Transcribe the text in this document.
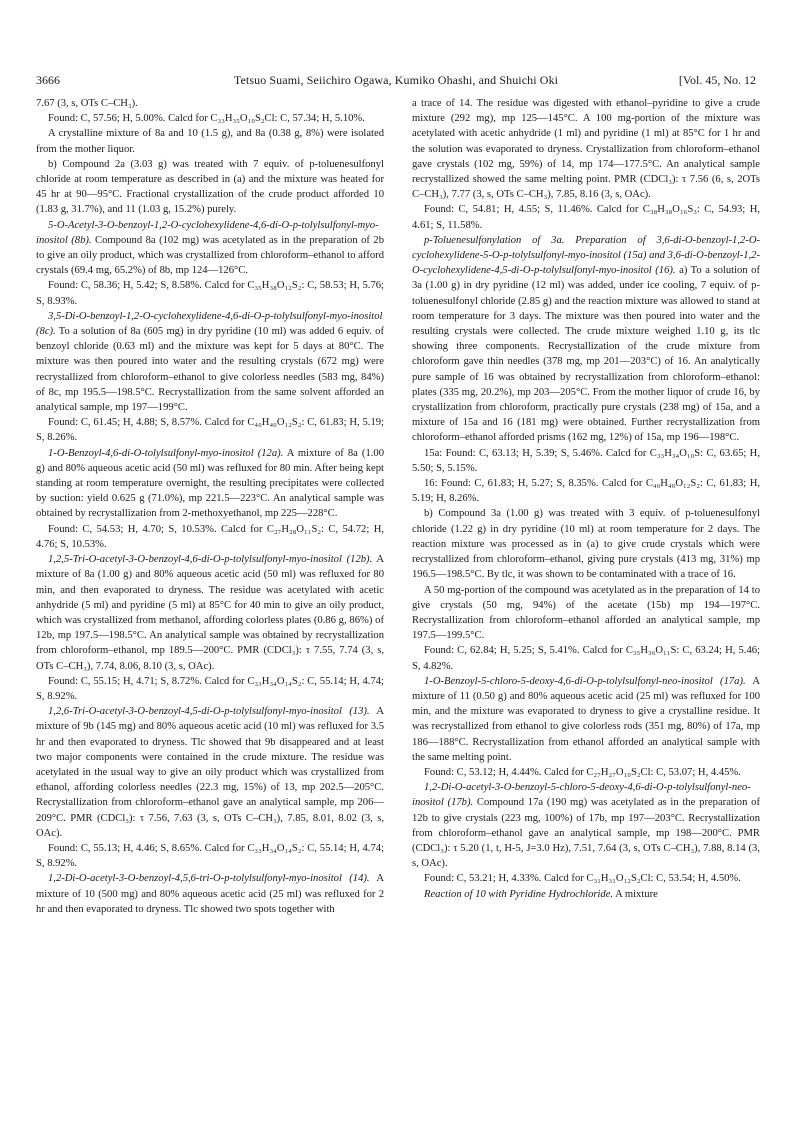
3666	Tetsuo Suami, Seiichiro Ogawa, Kumiko Ohashi, and Shuichi Oki	[Vol. 45, No. 12

7.67 (3, s, OTs C–CH₃).

Found: C, 57.56; H, 5.00%. Calcd for C₃₃H₃₅O₁₀S₂Cl: C, 57.34; H, 5.10%.

A crystalline mixture of 8a and 10 (1.5 g), and 8a (0.38 g, 8%) were isolated from the mother liquor.

b) Compound 2a (3.03 g) was treated with 7 equiv. of p-toluenesulfonyl chloride at room temperature as described in (a) and the mixture was heated for 45 hr at 90—95°C. Fractional crystallization of the crude product afforded 10 (1.83 g, 31.7%), and 11 (1.03 g, 15.2%) purely.

5-O-Acetyl-3-O-benzoyl-1,2-O-cyclohexylidene-4,6-di-O-p-tolylsulfonyl-myo-inositol (8b). Compound 8a (102 mg) was acetylated as in the preparation of 2b to give an oily product, which was crystallized from chloroform–ethanol to afford crystals (69.4 mg, 65.2%) of 8b, mp 124—126°C.

Found: C, 58.36; H, 5.42; S, 8.58%. Calcd for C₃₅H₃₈O₁₂S₂: C, 58.53; H, 5.76; S, 8.93%.

3,5-Di-O-benzoyl-1,2-O-cyclohexylidene-4,6-di-O-p-tolylsulfonyl-myo-inositol (8c). To a solution of 8a (605 mg) in dry pyridine (10 ml) was added 6 equiv. of benzoyl chloride (0.63 ml) and the mixture was kept for 5 days at 80°C. The mixture was then poured into water and the resulting crystals (672 mg) were recrystallized from chloroform–ethanol to give colorless needles (583 mg, 84%) of 8c, mp 195.5—198.5°C. Recrystallization from the same solvent afforded an analytical sample, mp 197—199°C.

Found: C, 61.45; H, 4.88; S, 8.57%. Calcd for C₄₀H₄₀O₁₂S₂: C, 61.83; H, 5.19; S, 8.26%.

1-O-Benzoyl-4,6-di-O-tolylsulfonyl-myo-inositol (12a). A mixture of 8a (1.00 g) and 80% aqueous acetic acid (50 ml) was refluxed for 80 min. After being kept standing at room temperature overnight, the resulting precipitates were collected by suction: yield 0.625 g (71.0%), mp 221.5—223°C. An analytical sample was obtained by recrystallization from 2-methoxyethanol, mp 225—228°C.

Found: C, 54.53; H, 4.70; S, 10.53%. Calcd for C₂₇H₂₈O₁₁S₂: C, 54.72; H, 4.76; S, 10.53%.

1,2,5-Tri-O-acetyl-3-O-benzoyl-4,6-di-O-p-tolylsulfonyl-myo-inositol (12b). A mixture of 8a (1.00 g) and 80% aqueous acetic acid (50 ml) was refluxed for 80 min, and then evaporated to dryness. The residue was acetylated with acetic anhydride (5 ml) and pyridine (5 ml) at 85°C for 40 min to give an oily product, which was crystallized from methanol, affording colorless plates (0.86 g, 86%) of 12b, mp 197.5—198.5°C. An analytical sample was obtained by recrystallization from chloroform–ethanol, mp 189.5—200°C. PMR (CDCl₃): τ 7.55, 7.74 (3, s, OTs C–CH₃), 7.74, 8.06, 8.10 (3, s, OAc).

Found: C, 55.15; H, 4.71; S, 8.72%. Calcd for C₃₃H₃₄O₁₄S₂: C, 55.14; H, 4.74; S, 8.92%.

1,2,6-Tri-O-acetyl-3-O-benzoyl-4,5-di-O-p-tolylsulfonyl-myo-inositol (13). A mixture of 9b (145 mg) and 80% aqueous acetic acid (10 ml) was refluxed for 3.5 hr and then evaporated to dryness. Tlc showed that 9b disappeared and at least two major components were contained in the crude mixture. The residue was acetylated in the usual way to give an oily product which was crystallized from ethanol, affording colorless needles (22.3 mg, 15%) of 13, mp 202.5—205°C. Recrystallization from chloroform–ethanol gave an analytical sample, mp 206—209°C. PMR (CDCl₃): τ 7.56, 7.63 (3, s, OTs C–CH₃), 7.85, 8.01, 8.02 (3, s, OAc).

Found: C, 55.13; H, 4.46; S, 8.65%. Calcd for C₃₃H₃₄O₁₄S₂: C, 55.14; H, 4.74; S, 8.92%.

1,2-Di-O-acetyl-3-O-benzoyl-4,5,6-tri-O-p-tolylsulfonyl-myo-inositol (14). A mixture of 10 (500 mg) and 80% aqueous acetic acid (25 ml) was refluxed for 2 hr and then evaporated to dryness. Tlc showed two spots together with

a trace of 14. The residue was digested with ethanol–pyridine to give a crude mixture (292 mg), mp 125—145°C. A 100 mg-portion of the mixture was acetylated with acetic anhydride (1 ml) and pyridine (1 ml) at 85°C for 1 hr and the solution was evaporated to dryness. Crystallization from chloroform–ethanol gave crystals (102 mg, 59%) of 14, mp 174—177.5°C. An analytical sample recrystallized showed the same melting point. PMR (CDCl₃): τ 7.56 (6, s, 2OTs C–CH₃), 7.77 (3, s, OTs C–CH₃), 7.85, 8.16 (3, s, OAc).

Found: C, 54.81; H, 4.55; S, 11.46%. Calcd for C₃₈H₃₈O₁₆S₃: C, 54.93; H, 4.61; S, 11.58%.

p-Toluenesulfonylation of 3a. Preparation of 3,6-di-O-benzoyl-1,2-O-cyclohexylidene-5-O-p-tolylsulfonyl-myo-inositol (15a) and 3,6-di-O-benzoyl-1,2-O-cyclohexylidene-4,5-di-O-p-tolylsulfonyl-myo-inositol (16). a) To a solution of 3a (1.00 g) in dry pyridine (12 ml) was added, under ice cooling, 7 equiv. of p-toluenesulfonyl chloride (2.85 g) and the reaction mixture was allowed to stand at room temperature for 3 days. The mixture was then poured into water and the resulting crystals were collected. The crude mixture weighed 1.10 g, its tlc showing three components. Recrystallization of the crude mixture from chloroform gave thin needles (378 mg, mp 201—203°C) of 16. An analytically pure sample of 16 was obtained by recrystallization from chloroform–ethanol: plates (335 mg, 20.2%), mp 203—205°C. From the mother liquor of crude 16, by crystallization from chloroform, practically pure crystals (238 mg) of 15a, and a mixture of 15a and 16 (181 mg) were obtained. Further recrystallization from chloroform–ethanol afforded prisms (162 mg, 12%) of 15a, mp 196—198°C.

15a: Found: C, 63.13; H, 5.39; S, 5.46%. Calcd for C₃₃H₃₄O₁₀S: C, 63.65; H, 5.50; S, 5.15%.

16: Found: C, 61.83; H, 5.27; S, 8.35%. Calcd for C₄₀H₄₀O₁₂S₂: C, 61.83; H, 5.19; H, 8.26%.

b) Compound 3a (1.00 g) was treated with 3 equiv. of p-toluenesulfonyl chloride (1.22 g) in dry pyridine (10 ml) at room temperature for 2 days. The reaction mixture was processed as in (a) to give crude crystals which were recrystallized from chloroform–ethanol, giving pure crystals (413 mg, 31%) mp 196.5—198.5°C. By tlc, it was shown to be contaminated with a trace of 16.

A 50 mg-portion of the compound was acetylated as in the preparation of 14 to give crystals (50 mg, 94%) of the acetate (15b) mp 194—197°C. Recrystallization from chloroform–ethanol afforded an analytical sample, mp 197.5—199.5°C.

Found: C, 62.84; H, 5.25; S, 5.41%. Calcd for C₃₅H₃₆O₁₁S: C, 63.24; H, 5.46; S, 4.82%.

1-O-Benzoyl-5-chloro-5-deoxy-4,6-di-O-p-tolylsulfonyl-neo-inositol (17a). A mixture of 11 (0.50 g) and 80% aqueous acetic acid (25 ml) was refluxed for 100 min, and the mixture was evaporated to dryness to give a crystalline residue. It was recrystallized from ethanol to give colorless rods (351 mg, 80%) of 17a, mp 186—188°C. Recrystallization from ethanol afforded an analytical sample with the same melting point.

Found: C, 53.12; H, 4.44%. Calcd for C₂₇H₂₇O₁₀S₂Cl: C, 53.07; H, 4.45%.

1,2-Di-O-acetyl-3-O-benzoyl-5-chloro-5-deoxy-4,6-di-O-p-tolylsulfonyl-neo-inositol (17b). Compound 17a (190 mg) was acetylated as in the preparation of 12b to give crystals (223 mg, 100%) of 17b, mp 197—203°C. Recrystallization from chloroform–ethanol gave an analytical sample, mp 198—200°C. PMR (CDCl₃): τ 5.20 (1, t, H-5, J=3.0 Hz), 7.51, 7.64 (3, s, OTs C–CH₃), 7.88, 8.14 (3, s, OAc).

Found: C, 53.21; H, 4.33%. Calcd for C₃₁H₃₁O₁₂S₂Cl: C, 53.54; H, 4.50%.

Reaction of 10 with Pyridine Hydrochloride. A mixture
